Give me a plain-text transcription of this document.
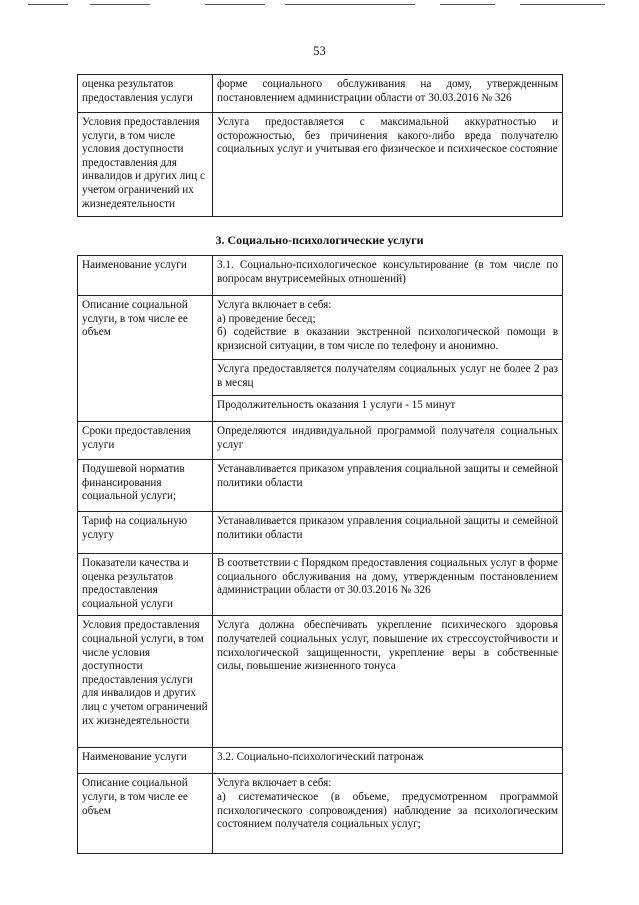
53
оценка результатов предоставления услуги	форме социального обслуживания на дому, утвержденным постановлением администрации области от 30.03.2016 № 326
Условия предоставления услуги, в том числе условия доступности предоставления для инвалидов и других лиц с учетом ограничений их жизнедеятельности	Услуга предоставляется с максимальной аккуратностью и осторожностью, без причинения какого-либо вреда получателю социальных услуг и учитывая его физическое и психическое состояние
3. Социально-психологические услуги
Наименование услуги	3.1. Социально-психологическое консультирование (в том числе по вопросам внутрисемейных отношений)
Описание социальной услуги, в том числе ее объем	Услуга включает в себя:
а) проведение бесед;
б) содействие в оказании экстренной психологической помощи в кризисной ситуации, в том числе по телефону и анонимно.

	Услуга предоставляется получателям социальных услуг не более 2 раз в месяц
	Продолжительность оказания 1 услуги - 15 минут
Сроки предоставления услуги	Определяются индивидуальной программой получателя социальных услуг
Подушевой норматив финансирования социальной услуги;	Устанавливается приказом управления социальной защиты и семейной политики области
Тариф на социальную услугу	Устанавливается приказом управления социальной защиты и семейной политики области
Показатели качества и оценка результатов предоставления социальной услуги	В соответствии с Порядком предоставления социальных услуг в форме социального обслуживания на дому, утвержденным постановлением администрации области от 30.03.2016 № 326
Условия предоставления социальной услуги, в том числе условия доступности предоставления услуги для инвалидов и других лиц с учетом ограничений их жизнедеятельности	Услуга должна обеспечивать укрепление психического здоровья получателей социальных услуг, повышение их стрессоустойчивости и психологической защищенности, укрепление веры в собственные силы, повышение жизненного тонуса
Наименование услуги	3.2. Социально-психологический патронаж
Описание социальной услуги, в том числе ее объем	Услуга включает в себя:
а) систематическое (в объеме, предусмотренном программой психологического сопровождения) наблюдение за психологическим состоянием получателя социальных услуг;
